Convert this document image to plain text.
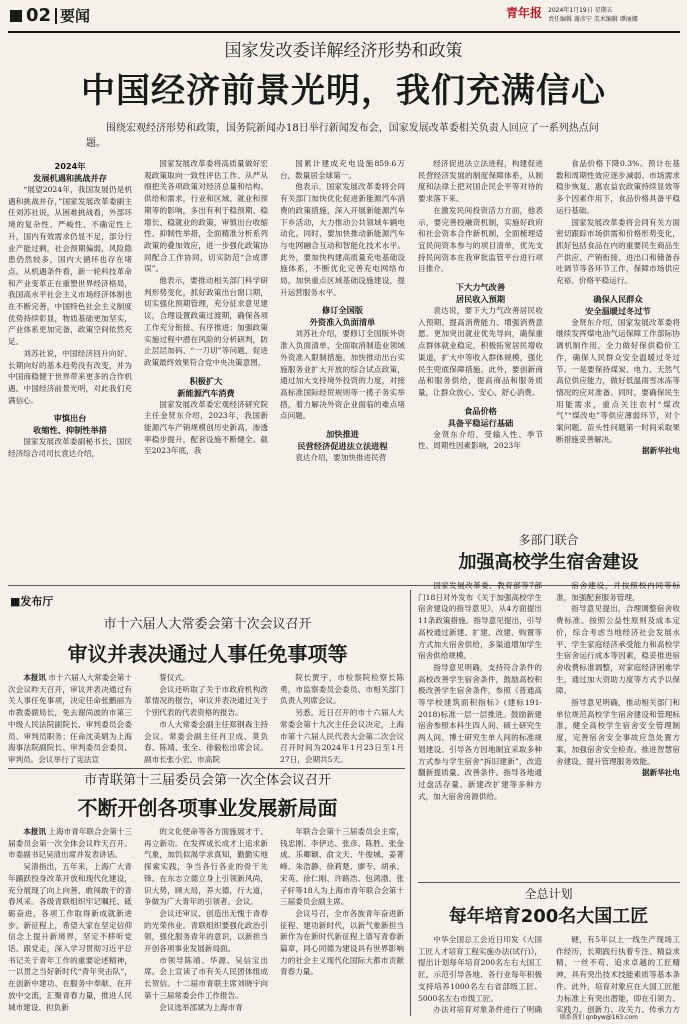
02 要闻	青年报 2024年1月19日 星期五
责任编辑 谢彦宁 美术编辑 谭丽娜
国家发改委详解经济形势和政策
中国经济前景光明，我们充满信心
围绕宏观经济形势和政策，国务院新闻办18日举行新闻发布会，国家发展改革委相关负责人回应了一系列热点问题。

2024年

发展机遇和挑战并存

“展望2024年，我国发展仍是机遇和挑战并存，”国家发展改革委副主任刘苏社说，从困难挑战看，外部环境的复杂性、严峻性、不确定性上升，国内有效需求仍显不足，部分行业产能过剩，社会预期偏弱，风险隐患仍然较多，国内大循环也存在堵点。从机遇条件看，新一轮科技革命和产业变革正在重塑世界经济格局，我国高水平社会主义市场经济体制也在不断完善，中国特色社会主义制度优势持续彰显，物质基础更加坚实，产业体系更加完备，政策空间依然充足。

刘苏社说，中国经济回升向好、长期向好的基本趋势没有改变，并为中国商稳健于世界带来更多的合作机遇。中国经济前景光明，对此我们充满信心。

审慎出台

收缩性、抑制性举措

国家发展改革委副秘书长、国民经济综合司司长袁达介绍，

国家发展改革委将高质量做好宏观政策取向一致性评估工作。从严从细把关各项政策对经济总量和结构、供给和需求，行业和区域、就业和预期等的影响，多出有利于稳预期、稳增长、稳就业的政策，审慎出台收缩性、抑制性举措，全面精准分析系列政策的叠加效应，进一步强化政策协同配合工作协同，切实防范“合成谬误”。

他表示，要推动相关部门科学研判形势变化，抓好政策出台窗口期，切实强化预期管理，充分征求意见建议，合理设置政策过渡期，确保各项工作充分衔接、有序推进；加强政策实施过程中潜在风险的分析研判，防止层层加码、“一刀切”等问题，促进政策最终效果符合党中央决策意图。

积极扩大

新能源汽车消费

国家发展改革委宏观经济研究院主任金贤东介绍，2023年，我国新能源汽车产销规模创历史新高，渗透率稳步提升，配套设施不断健全。截至2023年底，我

国累计建成充电设施859.6万台，数量居全球第一。

他表示，国家发展改革委将会同有关部门加快优化促进新能源汽车消费的政策措施，深入开展新能源汽车下乡活动，大力推动公共领域车辆电动化。同时，要加快推动新能源汽车与电网融合互动和智能化技术水平。此外，要加快构建高质量充电基础设施体系，不断优化完善充电网络布局，加快重点区域基础设施建设，提升运营服务水平。

修订全国版

外资准入负面清单

刘苏社介绍，要修订全国版外资准入负面清单，全面取消制造业领域外资准入限制措施。加快推动出台实施服务业扩大开放的综合试点政策，通过加大支持境外投资的力度，对接高标准国际经贸规则等一揽子务实举措，着力解决外资企业面临的难点堵点问题。

加快推进

民营经济促进法立法进程

袁达介绍，要加快推进民营

经济促进法立法进程，构建促进民营经济发展的制度保障体系，从制度和法律上把对国企民企平等对待的要求落下来。

在激发民间投资活力方面，他表示，要完善投融资机制，实施好政府和社会资本合作新机制，全面梳理适宜民间资本参与的项目清单，优先支持民间资本在我审批监管平台进行项目推介。

下大力气改善

居民收入预期

袁达说，要下大力气改善居民收入预期、提高消费能力、增强消费意愿。更加突出就业优先导向，确保重点群体就业稳定，积极拓宽居民增收渠道，扩大中等收入群体规模，强化民生兜底保障措施。此外，要创新商品和服务供给，提高商品和服务质量，让群众放心、安心、舒心消费。

食品价格

具备平稳运行基础

金贤东介绍，受输入性、季节性、周期性因素影响，2023年

食品价格下降0.3%。预计在基数和周期性效应逐步减弱、市场需求稳步恢复、惠农益农政策持续显效等多个因素作用下，食品价格具备平稳运行基础。

国家发展改革委将会同有关方面密切跟踪市场供需和价格形势变化，抓好包括食品在内的重要民生商品生产供应、产销衔接、进出口和储备吞吐调节等各环节工作，保障市场供应充裕、价格平稳运行。

确保人民群众

安全温暖过冬过节

金贤东介绍，国家发展改革委将继续发挥煤电油气运保障工作部际协调机制作用，全力做好保供稳价工作，确保人民群众安全温暖过冬过节。一是要保持煤炭、电力、天然气高位供应能力，做好低温雨雪冰冻等情况的应对准备。同时，要确保民生用能需求，重点关注农村“煤改气”“煤改电”等供应薄弱环节，对个案问题、苗头性问题第一时间采取果断措施妥善解决。

据新华社电

■发布厅
市十六届人大常委会第十次会议召开
审议并表决通过人事任免事项等

本报讯 市十六届人大常委会第十次会议昨天召开，审议并表决通过有关人事任免事项，决定任命张鹏丽为市教委副局长，免去谢尚波的市第三中级人民法院副院长、审判委员会委员、审判员职务；任命沈美娟为上海海事法院副院长、审判委员会委员、审判员。会议举行了宪法宣

誓仪式。

会议还听取了关于市政府机构改革情况的报告，审议并表决通过关于个别代表的代表资格的报告。

市人大常委会副主任郑钢森主持会议，常委会副主任肖卫成、莫负春、陈靖、张全、徐毅松出席会议。副市长张小宏、市高院

院长贾宇，市检察院检察长陈勇，市监察委员会委员、市相关部门负责人列席会议。

另悉，近日召开的市十六届人大常委会第十九次主任会议决定，上海市第十六届人民代表大会第二次会议召开时间为2024年1月23日至1月27日，会期共5天。

市青联第十三届委员会第一次全体会议召开
不断开创各项事业发展新局面

本报讯 上海市青年联合会第十三届委员会第一次全体会议昨天召开。市委副书记吴清出席并发表讲话。

吴清指出，五年来，上海广大青年踊跃投身改革开放和现代化建设，充分展现了向上向善、敢闯敢干的青春风采。各级青联组织牢记嘱托、砥砺奋进，各项工作取得新成就新进步。新征程上，希望大家在坚定信仰信念上提升新境界，坚定不移听党话、跟党走，深入学习贯彻习近平总书记关于青年工作的重要论述精神，一以贯之当好新时代“青年突击队”，在创新中建功、在服务中奉献、在开放中交流，汇聚青春力量，推进人民城市建设、担负新

的文化使命等各方面施展才干、再立新功。在发挥成长成才上追求新气象，加饥似渴学求真知，勤勤实地探索实践，争当各行各业的骨干先锋。在东志立德立身上引领新风尚，识大势，顾大局，养大德，行大道，争做为广大青年的引领者。会议。

会议还审议、创造出无愧于青春的光荣伟业。青联组织要强化政治引领，强化服务青年的意识，以新担当开创各项事业发展新局面。

市领导陈靖、华源、吴信宝出席。会上宣读了市有关人民团体组成长贺信。十二届市青联主席刘晓宇向第十三届常委会作工作报告。

会议选举邵斌为上海市青

年联合会第十三届委员会主席，钱忠刚、李伊达、张彦、陈胜、张金成、乐卿颖、俞文天、牛俊城、姜菁峰、朱浩静、徐莉楚、廖专、胡承、宋英、徐仁刚、许路浩、包鸿渤、张子轩等18人为上海市青年联合会第十三届委员会副主席。

会议号召，全市各族青年奋进新征程、建功新时代，以新气象新担当新作为在新时代新征程上谱写青春新篇章，同心同德为建设具有世界影响力的社会主义现代化国际大都市贡献青春力量。

多部门联合
加强高校学生宿舍建设

国家发展改革委、教育部等7部门18日对外发布《关于加强高校学生宿舍建设的指导意见》，从4方面提出11条政策措施。指导意见提出，引导高校通过新建、扩建、改建、购置等方式加大宿舍供给，多渠道增加学生宿舍供给规模。

指导意见明确，支持符合条件的高校改善学生宿舍条件，鼓励高校积极改善学生宿舍条件，参照《普通高等学校建筑面积指标》(建标191-2018)标准一层一层推进。鼓励新建宿舍参照本科生四人间、硕士研究生两人间、博士研究生单人间的标准规划建设。引导各方因地制宜采取多种方式参与学生宿舍“拆旧建新”，改造翻新提质量、改善条件。指导各地通过盘活存量、新建改扩建等多种方式，加大宿舍房源供给。

宿舍建设，并按照校内同等标准，加强配套服务管理。

指导意见提出，合理调整宿舍收费标准。按照公益性原则及成本定价，综合考虑当地经济社会发展水平、学生家庭经济承受能力和高校学生宿舍运行成本等因素，稳妥推进宿舍收费标准调整，对家庭经济困难学生，通过加大资助力度等方式予以保障。

指导意见明确，推动相关部门和单位规范高校学生宿舍建设和管理标准，健全高校学生宿舍安全管理制度，完善宿舍安全事故应急处置方案，加强宿舍安全检查。推进智慧宿舍建设，提升管理服务效能。

据新华社电

全总计划
每年培育200名大国工匠

中华全国总工会近日印发《大国工匠人才培育工程实施办法(试行)》，提出计划每年培育200名左右大国工匠，示范引导各地、各行业每年积极支持培养1000名左右省部级工匠、5000名左右市级工匠。

办法对培育对象条件进行了明确

硬，有5年以上一线生产现场工作经历，长期践行执着专注、精益求精、一丝不苟、追求卓越的工匠精神，具有突出技术技能素质等基本条件。此外，培育对象应在大国工匠能力标准上有突出潜能，即在引领力、实践力、创新力、攻关力、传承力方

联系我们 qnbyw@163.com
